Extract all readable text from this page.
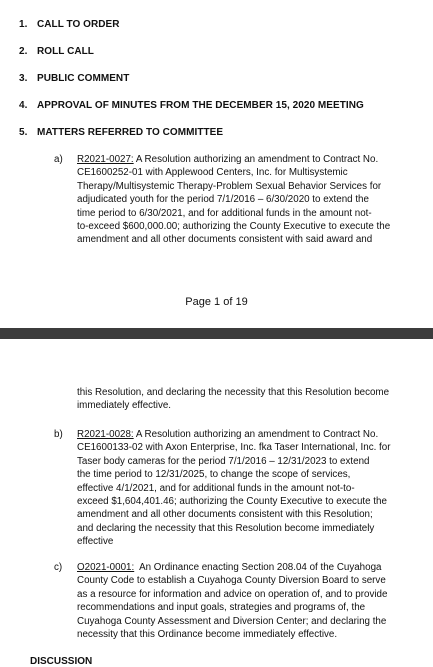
1. CALL TO ORDER
2. ROLL CALL
3. PUBLIC COMMENT
4. APPROVAL OF MINUTES FROM THE DECEMBER 15, 2020 MEETING
5. MATTERS REFERRED TO COMMITTEE
a) R2021-0027: A Resolution authorizing an amendment to Contract No.
CE1600252-01 with Applewood Centers, Inc. for Multisystemic
Therapy/Multisystemic Therapy-Problem Sexual Behavior Services for
adjudicated youth for the period 7/1/2016 – 6/30/2020 to extend the
time period to 6/30/2021, and for additional funds in the amount not-
to-exceed $600,000.00; authorizing the County Executive to execute the
amendment and all other documents consistent with said award and
Page 1 of 19
this Resolution, and declaring the necessity that this Resolution become
immediately effective.
b) R2021-0028: A Resolution authorizing an amendment to Contract No.
CE1600133-02 with Axon Enterprise, Inc. fka Taser International, Inc. for
Taser body cameras for the period 7/1/2016 – 12/31/2023 to extend
the time period to 12/31/2025, to change the scope of services,
effective 4/1/2021, and for additional funds in the amount not-to-
exceed $1,604,401.46; authorizing the County Executive to execute the
amendment and all other documents consistent with this Resolution;
and declaring the necessity that this Resolution become immediately
effective
c) O2021-0001:  An Ordinance enacting Section 208.04 of the Cuyahoga
County Code to establish a Cuyahoga County Diversion Board to serve
as a resource for information and advice on operation of, and to provide
recommendations and input goals, strategies and programs of, the
Cuyahoga County Assessment and Diversion Center; and declaring the
necessity that this Ordinance become immediately effective.
DISCUSSION
